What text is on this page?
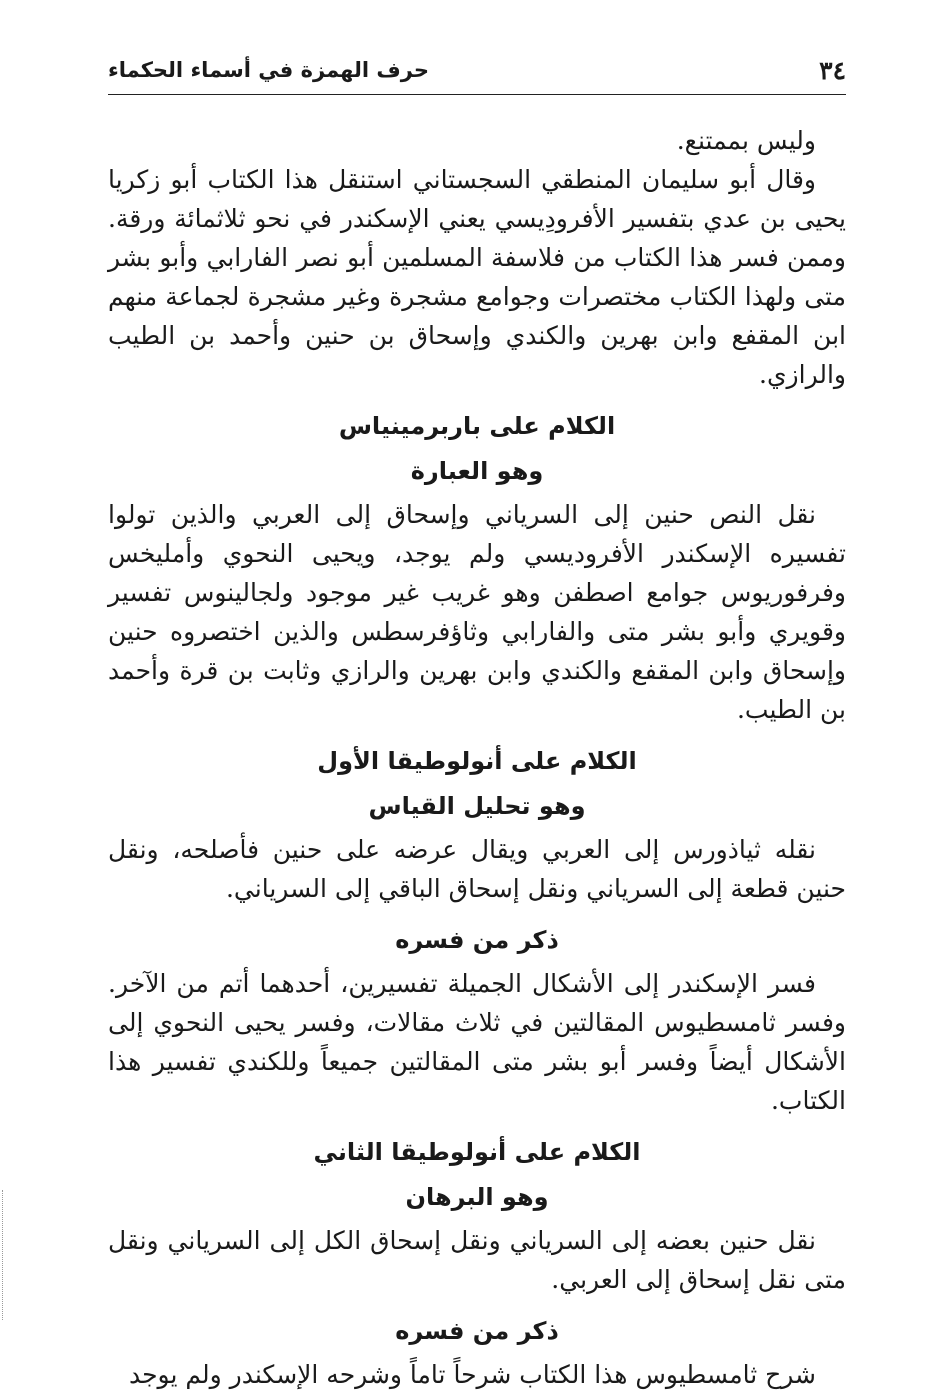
٣٤
حرف الهمزة في أسماء الحكماء

وليس بممتنع.

وقال أبو سليمان المنطقي السجستاني استنقل هذا الكتاب أبو زكريا يحيى بن عدي بتفسير الأفرودِيسي يعني الإسكندر في نحو ثلاثمائة ورقة. وممن فسر هذا الكتاب من فلاسفة المسلمين أبو نصر الفارابي وأبو بشر متى ولهذا الكتاب مختصرات وجوامع مشجرة وغير مشجرة لجماعة منهم ابن المقفع وابن بهرين والكندي وإسحاق بن حنين وأحمد بن الطيب والرازي.

الكلام على باربرمينياس
وهو العبارة

نقل النص حنين إلى السرياني وإسحاق إلى العربي والذين تولوا تفسيره الإسكندر الأفروديسي ولم يوجد، ويحيى النحوي وأمليخس وفرفوريوس جوامع اصطفن وهو غريب غير موجود ولجالينوس تفسير وقويري وأبو بشر متى والفارابي وثاؤفرسطس والذين اختصروه حنين وإسحاق وابن المقفع والكندي وابن بهرين والرازي وثابت بن قرة وأحمد بن الطيب.

الكلام على أنولوطيقا الأول
وهو تحليل القياس

نقله ثياذورس إلى العربي ويقال عرضه على حنين فأصلحه، ونقل حنين قطعة إلى السرياني ونقل إسحاق الباقي إلى السرياني.

ذكر من فسره

فسر الإسكندر إلى الأشكال الجميلة تفسيرين، أحدهما أتم من الآخر. وفسر ثامسطيوس المقالتين في ثلاث مقالات، وفسر يحيى النحوي إلى الأشكال أيضاً وفسر أبو بشر متى المقالتين جميعاً وللكندي تفسير هذا الكتاب.

الكلام على أنولوطيقا الثاني
وهو البرهان

نقل حنين بعضه إلى السرياني ونقل إسحاق الكل إلى السرياني ونقل متى نقل إسحاق إلى العربي.

ذكر من فسره

شرح ثامسطيوس هذا الكتاب شرحاً تاماً وشرحه الإسكندر ولم يوجد
